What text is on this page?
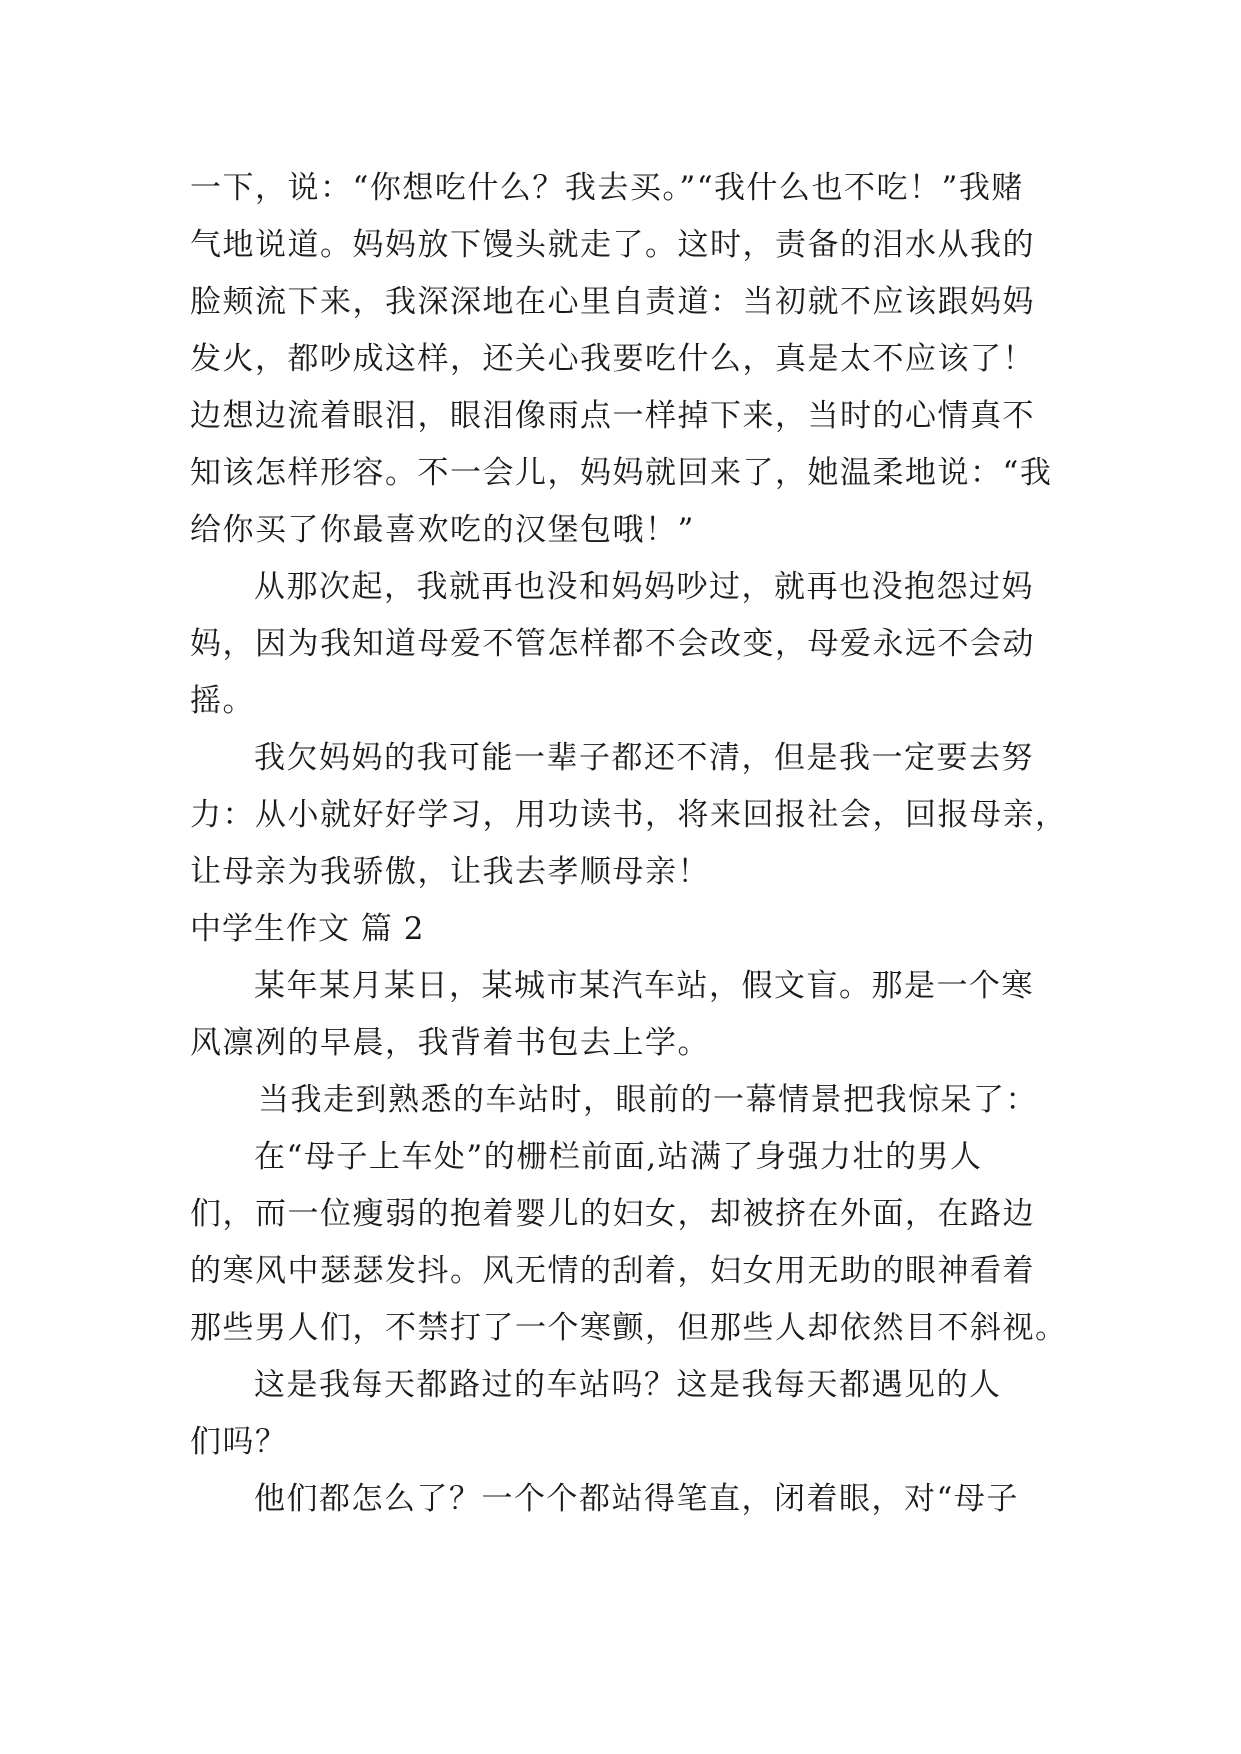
一下，说：“你想吃什么？我去买。”“我什么也不吃！”我赌
气地说道。妈妈放下馒头就走了。这时，责备的泪水从我的
脸颊流下来，我深深地在心里自责道：当初就不应该跟妈妈
发火，都吵成这样，还关心我要吃什么，真是太不应该了！
边想边流着眼泪，眼泪像雨点一样掉下来，当时的心情真不
知该怎样形容。不一会儿，妈妈就回来了，她温柔地说：“我
给你买了你最喜欢吃的汉堡包哦！”
从那次起，我就再也没和妈妈吵过，就再也没抱怨过妈
妈，因为我知道母爱不管怎样都不会改变，母爱永远不会动
摇。
我欠妈妈的我可能一辈子都还不清，但是我一定要去努
力：从小就好好学习，用功读书，将来回报社会，回报母亲，
让母亲为我骄傲，让我去孝顺母亲！
中学生作文 篇 2
某年某月某日，某城市某汽车站，假文盲。那是一个寒
风凛冽的早晨，我背着书包去上学。
当我走到熟悉的车站时，眼前的一幕情景把我惊呆了：
在“母子上车处”的栅栏前面,站满了身强力壮的男人
们，而一位瘦弱的抱着婴儿的妇女，却被挤在外面，在路边
的寒风中瑟瑟发抖。风无情的刮着，妇女用无助的眼神看着
那些男人们，不禁打了一个寒颤，但那些人却依然目不斜视。
这是我每天都路过的车站吗？这是我每天都遇见的人
们吗？
他们都怎么了？一个个都站得笔直，闭着眼，对“母子
